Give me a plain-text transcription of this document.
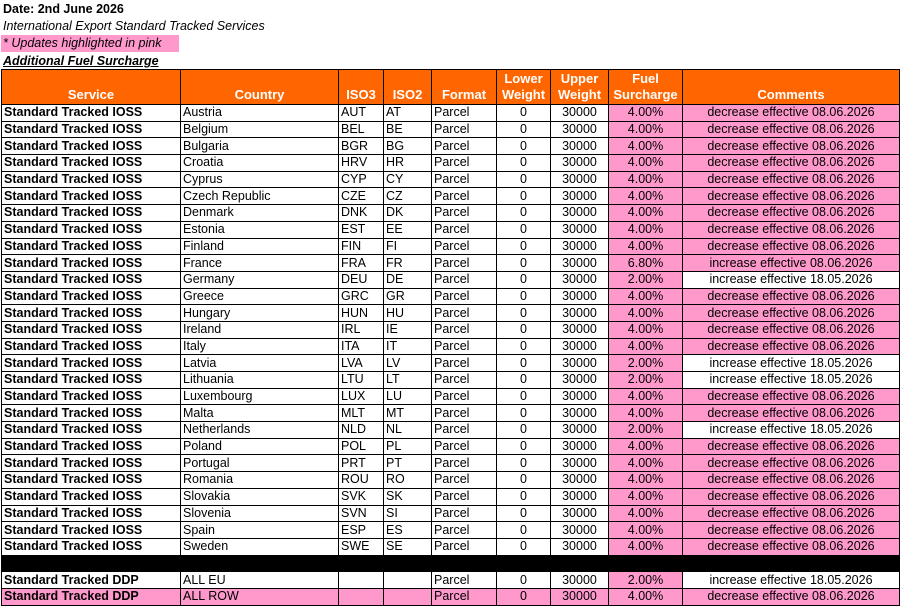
Date: 2nd June 2026
International Export Standard Tracked Services
* Updates highlighted in pink
Additional Fuel Surcharge
Service	Country	ISO3	ISO2	Format	Lower Weight	Upper Weight	Fuel Surcharge	Comments
Standard Tracked IOSS	Austria	AUT	AT	Parcel	0	30000	4.00%	decrease effective 08.06.2026
Standard Tracked IOSS	Belgium	BEL	BE	Parcel	0	30000	4.00%	decrease effective 08.06.2026
Standard Tracked IOSS	Bulgaria	BGR	BG	Parcel	0	30000	4.00%	decrease effective 08.06.2026
Standard Tracked IOSS	Croatia	HRV	HR	Parcel	0	30000	4.00%	decrease effective 08.06.2026
Standard Tracked IOSS	Cyprus	CYP	CY	Parcel	0	30000	4.00%	decrease effective 08.06.2026
Standard Tracked IOSS	Czech Republic	CZE	CZ	Parcel	0	30000	4.00%	decrease effective 08.06.2026
Standard Tracked IOSS	Denmark	DNK	DK	Parcel	0	30000	4.00%	decrease effective 08.06.2026
Standard Tracked IOSS	Estonia	EST	EE	Parcel	0	30000	4.00%	decrease effective 08.06.2026
Standard Tracked IOSS	Finland	FIN	FI	Parcel	0	30000	4.00%	decrease effective 08.06.2026
Standard Tracked IOSS	France	FRA	FR	Parcel	0	30000	6.80%	increase effective 08.06.2026
Standard Tracked IOSS	Germany	DEU	DE	Parcel	0	30000	2.00%	increase effective 18.05.2026
Standard Tracked IOSS	Greece	GRC	GR	Parcel	0	30000	4.00%	decrease effective 08.06.2026
Standard Tracked IOSS	Hungary	HUN	HU	Parcel	0	30000	4.00%	decrease effective 08.06.2026
Standard Tracked IOSS	Ireland	IRL	IE	Parcel	0	30000	4.00%	decrease effective 08.06.2026
Standard Tracked IOSS	Italy	ITA	IT	Parcel	0	30000	4.00%	decrease effective 08.06.2026
Standard Tracked IOSS	Latvia	LVA	LV	Parcel	0	30000	2.00%	increase effective 18.05.2026
Standard Tracked IOSS	Lithuania	LTU	LT	Parcel	0	30000	2.00%	increase effective 18.05.2026
Standard Tracked IOSS	Luxembourg	LUX	LU	Parcel	0	30000	4.00%	decrease effective 08.06.2026
Standard Tracked IOSS	Malta	MLT	MT	Parcel	0	30000	4.00%	decrease effective 08.06.2026
Standard Tracked IOSS	Netherlands	NLD	NL	Parcel	0	30000	2.00%	increase effective 18.05.2026
Standard Tracked IOSS	Poland	POL	PL	Parcel	0	30000	4.00%	decrease effective 08.06.2026
Standard Tracked IOSS	Portugal	PRT	PT	Parcel	0	30000	4.00%	decrease effective 08.06.2026
Standard Tracked IOSS	Romania	ROU	RO	Parcel	0	30000	4.00%	decrease effective 08.06.2026
Standard Tracked IOSS	Slovakia	SVK	SK	Parcel	0	30000	4.00%	decrease effective 08.06.2026
Standard Tracked IOSS	Slovenia	SVN	SI	Parcel	0	30000	4.00%	decrease effective 08.06.2026
Standard Tracked IOSS	Spain	ESP	ES	Parcel	0	30000	4.00%	decrease effective 08.06.2026
Standard Tracked IOSS	Sweden	SWE	SE	Parcel	0	30000	4.00%	decrease effective 08.06.2026

Standard Tracked DDP	ALL EU			Parcel	0	30000	2.00%	increase effective 18.05.2026
Standard Tracked DDP	ALL ROW			Parcel	0	30000	4.00%	decrease effective 08.06.2026
